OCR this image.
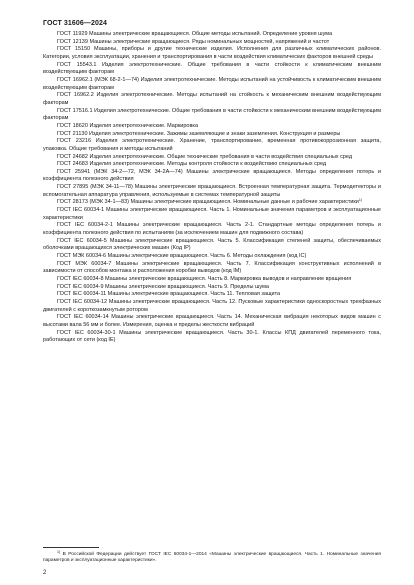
ГОСТ 31606—2024

ГОСТ 11929 Машины электрические вращающиеся. Общие методы испытаний. Определение уровня шума

ГОСТ 12139 Машины электрические вращающиеся. Ряды номинальных мощностей, напряжений и частот

ГОСТ 15150 Машины, приборы и другие технические изделия. Исполнения для различных климатических районов. Категории, условия эксплуатации, хранения и транспортирования в части воздействия климатических факторов внешней среды

ГОСТ 15543.1 Изделия электротехнические. Общие требования в части стойкости к климатическим внешним воздействующим факторам

ГОСТ 16962.1 (МЭК 68-2-1—74) Изделия электротехнические. Методы испытаний на устойчивость к климатическим внешним воздействующим факторам

ГОСТ 16962.2 Изделия электротехнические. Методы испытаний на стойкость к механическим внешним воздействующим факторам

ГОСТ 17516.1 Изделия электротехнические. Общие требования в части стойкости к механическим внешним воздействующим факторам

ГОСТ 18620 Изделия электротехнические. Маркировка

ГОСТ 21130 Изделия электротехнические. Зажимы заземляющие и знаки заземления. Конструкция и размеры

ГОСТ 23216 Изделия электротехнические. Хранение, транспортирование, временная противокоррозионная защита, упаковка. Общие требования и методы испытаний

ГОСТ 24682 Изделия электротехнические. Общие технические требования в части воздействия специальных сред

ГОСТ 24683 Изделия электротехнические. Методы контроля стойкости к воздействию специальных сред

ГОСТ 25941 (МЭК 34-2—72, МЭК 34-2А—74) Машины электрические вращающиеся. Методы определения потерь и коэффициента полезного действия

ГОСТ 27895 (МЭК 34-11—78) Машины электрические вращающиеся. Встроенная температурная защита. Термодетекторы и вспомогательная аппаратура управления, используемые в системах температурной защиты

ГОСТ 28173 (МЭК 34-1—83) Машины электрические вращающиеся. Номинальные данные и рабочие характеристики$^{1)}$

ГОСТ IEC 60034-1 Машины электрические вращающиеся. Часть 1. Номинальные значения параметров и эксплуатационные характеристики

ГОСТ IEC 60034-2-1 Машины электрические вращающиеся. Часть 2-1. Стандартные методы определения потерь и коэффициента полезного действия по испытаниям (за исключением машин для подвижного состава)

ГОСТ IEC 60034-5 Машины электрические вращающиеся. Часть 5. Классификация степеней защиты, обеспечиваемых оболочками вращающихся электрических машин (Код IP)

ГОСТ МЭК 60034-6 Машины электрические вращающиеся. Часть 6. Методы охлаждения (код IC)

ГОСТ МЭК 60034-7 Машины электрические вращающиеся. Часть 7. Классификация конструктивных исполнений в зависимости от способов монтажа и расположения коробки выводов (код IM)

ГОСТ IEC 60034-8 Машины электрические вращающиеся. Часть 8. Маркировка выводов и направление вращения

ГОСТ IEC 60034-9 Машины электрические вращающиеся. Часть 9. Пределы шума

ГОСТ IEC 60034-11 Машины электрические вращающиеся. Часть 11. Тепловая защита

ГОСТ IEC 60034-12 Машины электрические вращающиеся. Часть 12. Пусковые характеристики односкоростных трехфазных двигателей с короткозамкнутым ротором

ГОСТ IEC 60034-14 Машины электрические вращающиеся. Часть 14. Механическая вибрация некоторых видов машин с высотами вала 56 мм и более. Измерения, оценка и пределы жесткости вибраций

ГОСТ IEC 60034-30-1 Машины электрические вращающиеся. Часть 30-1. Классы КПД двигателей переменного тока, работающих от сети (код IE)

$^{1)}$ В Российской Федерации действует ГОСТ IEC 60034-1—2014 «Машины электрические вращающиеся. Часть 1. Номинальные значения параметров и эксплуатационные характеристики».
2
